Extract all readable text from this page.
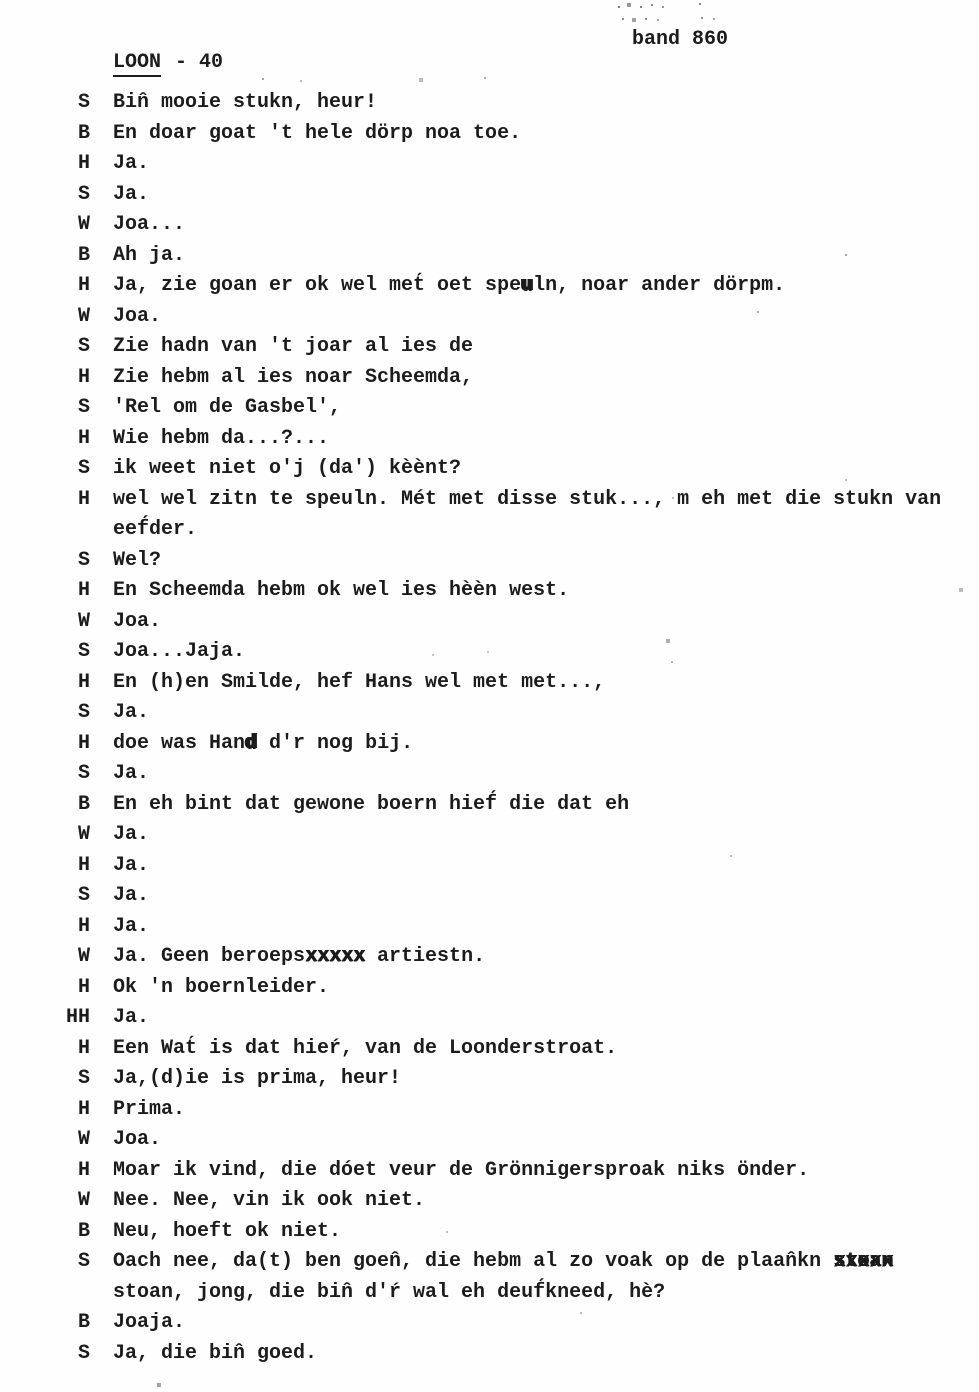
LOON - 40

band 860
S Bin̂ mooie stukn, heur!
B En doar goat 't hele dörp noa toe.
H Ja.
S Ja.
W Joa...
B Ah ja.
H Ja, zie goan er ok wel met́ oet speuln, noar ander dörpm.
W Joa.
S Zie hadn van 't joar al ies de
H Zie hebm al ies noar Scheemda,
S 'Rel om de Gasbel',
H Wie hebm da...?...
S ik weet niet o'j (da') kèènt?
H wel wel zitn te speuln. Mét met disse stuk..., m eh met die stukn van
eef́der.
S Wel?
H En Scheemda hebm ok wel ies hèèn west.
W Joa.
S Joa...Jaja.
H En (h)en Smilde, hef Hans wel met met...,
S Ja.
H doe was Hand d'r nog bij.
S Ja.
B En eh bint dat gewone boern hief́ die dat eh
W Ja.
H Ja.
S Ja.
H Ja.
W Ja. Geen beroepsxxxxx xxxxx artiestn.
H Ok 'n boernleider.
HH Ja.
H Een Wat́ is dat hieŕ, van de Loonderstroat.
S Ja,(d)ie is prima, heur!
H Prima.
W Joa.
H Moar ik vind, die dóet veur de Grönnigersproak niks önder.
W Nee. Nee, vin ik ook niet.
B Neu, hoeft ok niet.
S Oach nee, da(t) ben goen̂, die hebm al zo voak op de plaan̂kn stoan xxxxx
stoan, jong, die bin̂ d'ŕ wal eh deuf́kneed, hè?
B Joaja.
S Ja, die bin̂ goed.
